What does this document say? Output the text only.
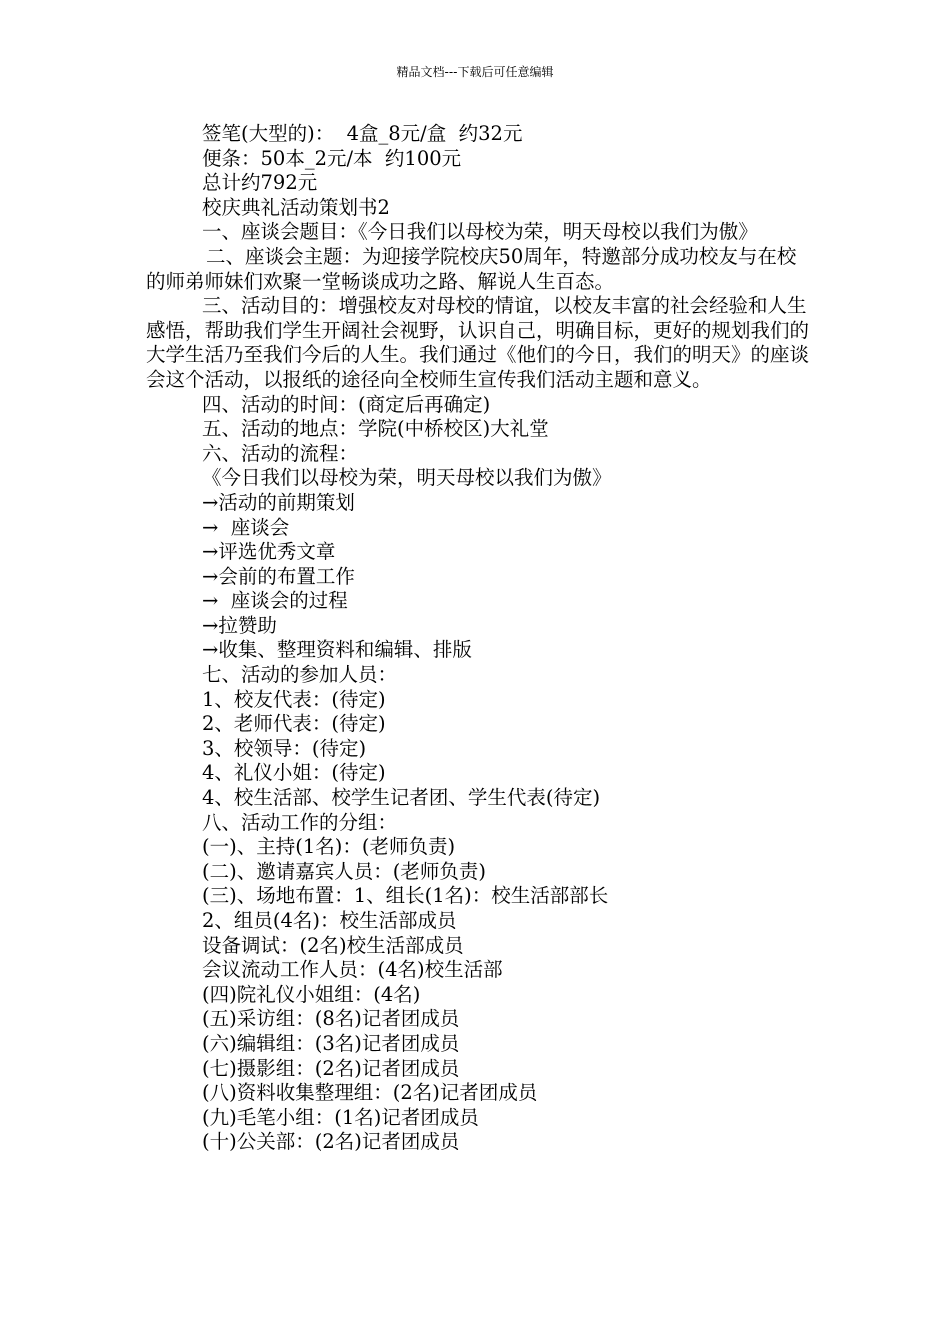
精品文档---下载后可任意编辑

签笔(大型的)：  4盒_8元/盒  约32元

便条：50本_2元/本  约100元

总计约792元

校庆典礼活动策划书2

一、座谈会题目：《今日我们以母校为荣，明天母校以我们为傲》

二、座谈会主题：为迎接学院校庆50周年，特邀部分成功校友与在校的师弟师妹们欢聚一堂畅谈成功之路、解说人生百态。

三、活动目的：增强校友对母校的情谊，以校友丰富的社会经验和人生感悟，帮助我们学生开阔社会视野，认识自己，明确目标，更好的规划我们的大学生活乃至我们今后的人生。我们通过《他们的今日，我们的明天》的座谈会这个活动，以报纸的途径向全校师生宣传我们活动主题和意义。

四、活动的时间：(商定后再确定)

五、活动的地点：学院(中桥校区)大礼堂

六、活动的流程：

《今日我们以母校为荣，明天母校以我们为傲》

→活动的前期策划

→  座谈会

→评选优秀文章

→会前的布置工作

→  座谈会的过程

→拉赞助

→收集、整理资料和编辑、排版

七、活动的参加人员：

1、校友代表：(待定)

2、老师代表：(待定)

3、校领导：(待定)

4、礼仪小姐：(待定)

4、校生活部、校学生记者团、学生代表(待定)

八、活动工作的分组：

(一)、主持(1名)：(老师负责)

(二)、邀请嘉宾人员：(老师负责)

(三)、场地布置：1、组长(1名)：校生活部部长

2、组员(4名)：校生活部成员

设备调试：(2名)校生活部成员

会议流动工作人员：(4名)校生活部

(四)院礼仪小姐组：(4名)

(五)采访组：(8名)记者团成员

(六)编辑组：(3名)记者团成员

(七)摄影组：(2名)记者团成员

(八)资料收集整理组：(2名)记者团成员

(九)毛笔小组：(1名)记者团成员

(十)公关部：(2名)记者团成员
